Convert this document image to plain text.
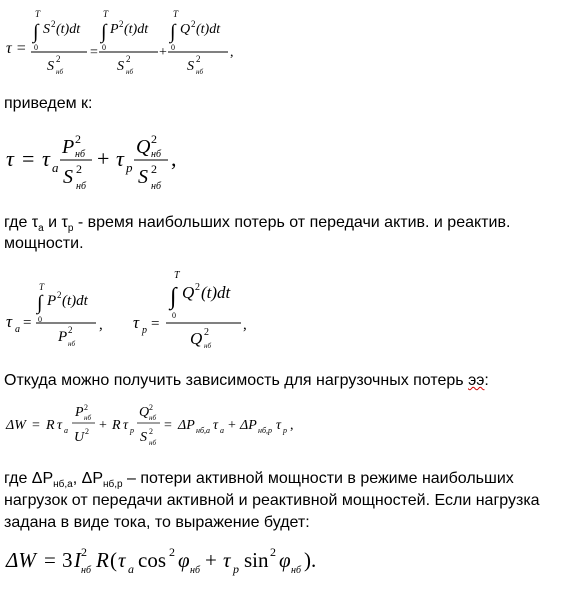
τ =
T
∫
0
S 2 (t)dt
S 2
нб
=
T
∫
0
P 2 (t)dt
S 2
нб
+
T
∫
0
Q 2 (t)dt
S 2
нб
,
приведем к:
τ = τ а
P 2
нб
S 2
нб
+ τ р
Q 2
нб
S 2
нб
,
где $\tau_а$ и $\tau_р$ - время наибольших потерь от передачи актив. и реактив.
мощности.
τ а =
T
∫
0
P 2 (t)dt
P 2
нб
, τ р =
T
∫
0
Q 2 (t)dt
Q 2
нб
,
Откуда можно получить зависимость для нагрузочных потерь ээ:
ΔW = R τ а
P 2
нб
U 2 + R τ р
Q 2
нб
S 2
нб
= ΔP нб,а τ а + ΔP нб,р τ р ,
где $\Delta P_{нб,а}$, $\Delta P_{нб,р}$ – потери активной мощности в режиме наибольших
нагрузок от передачи активной и реактивной мощностей. Если нагрузка
задана в виде тока, то выражение будет:
ΔW = 3 I 2
нб R ( τ а cos 2 φ нб + τ р sin 2 φ нб ).
